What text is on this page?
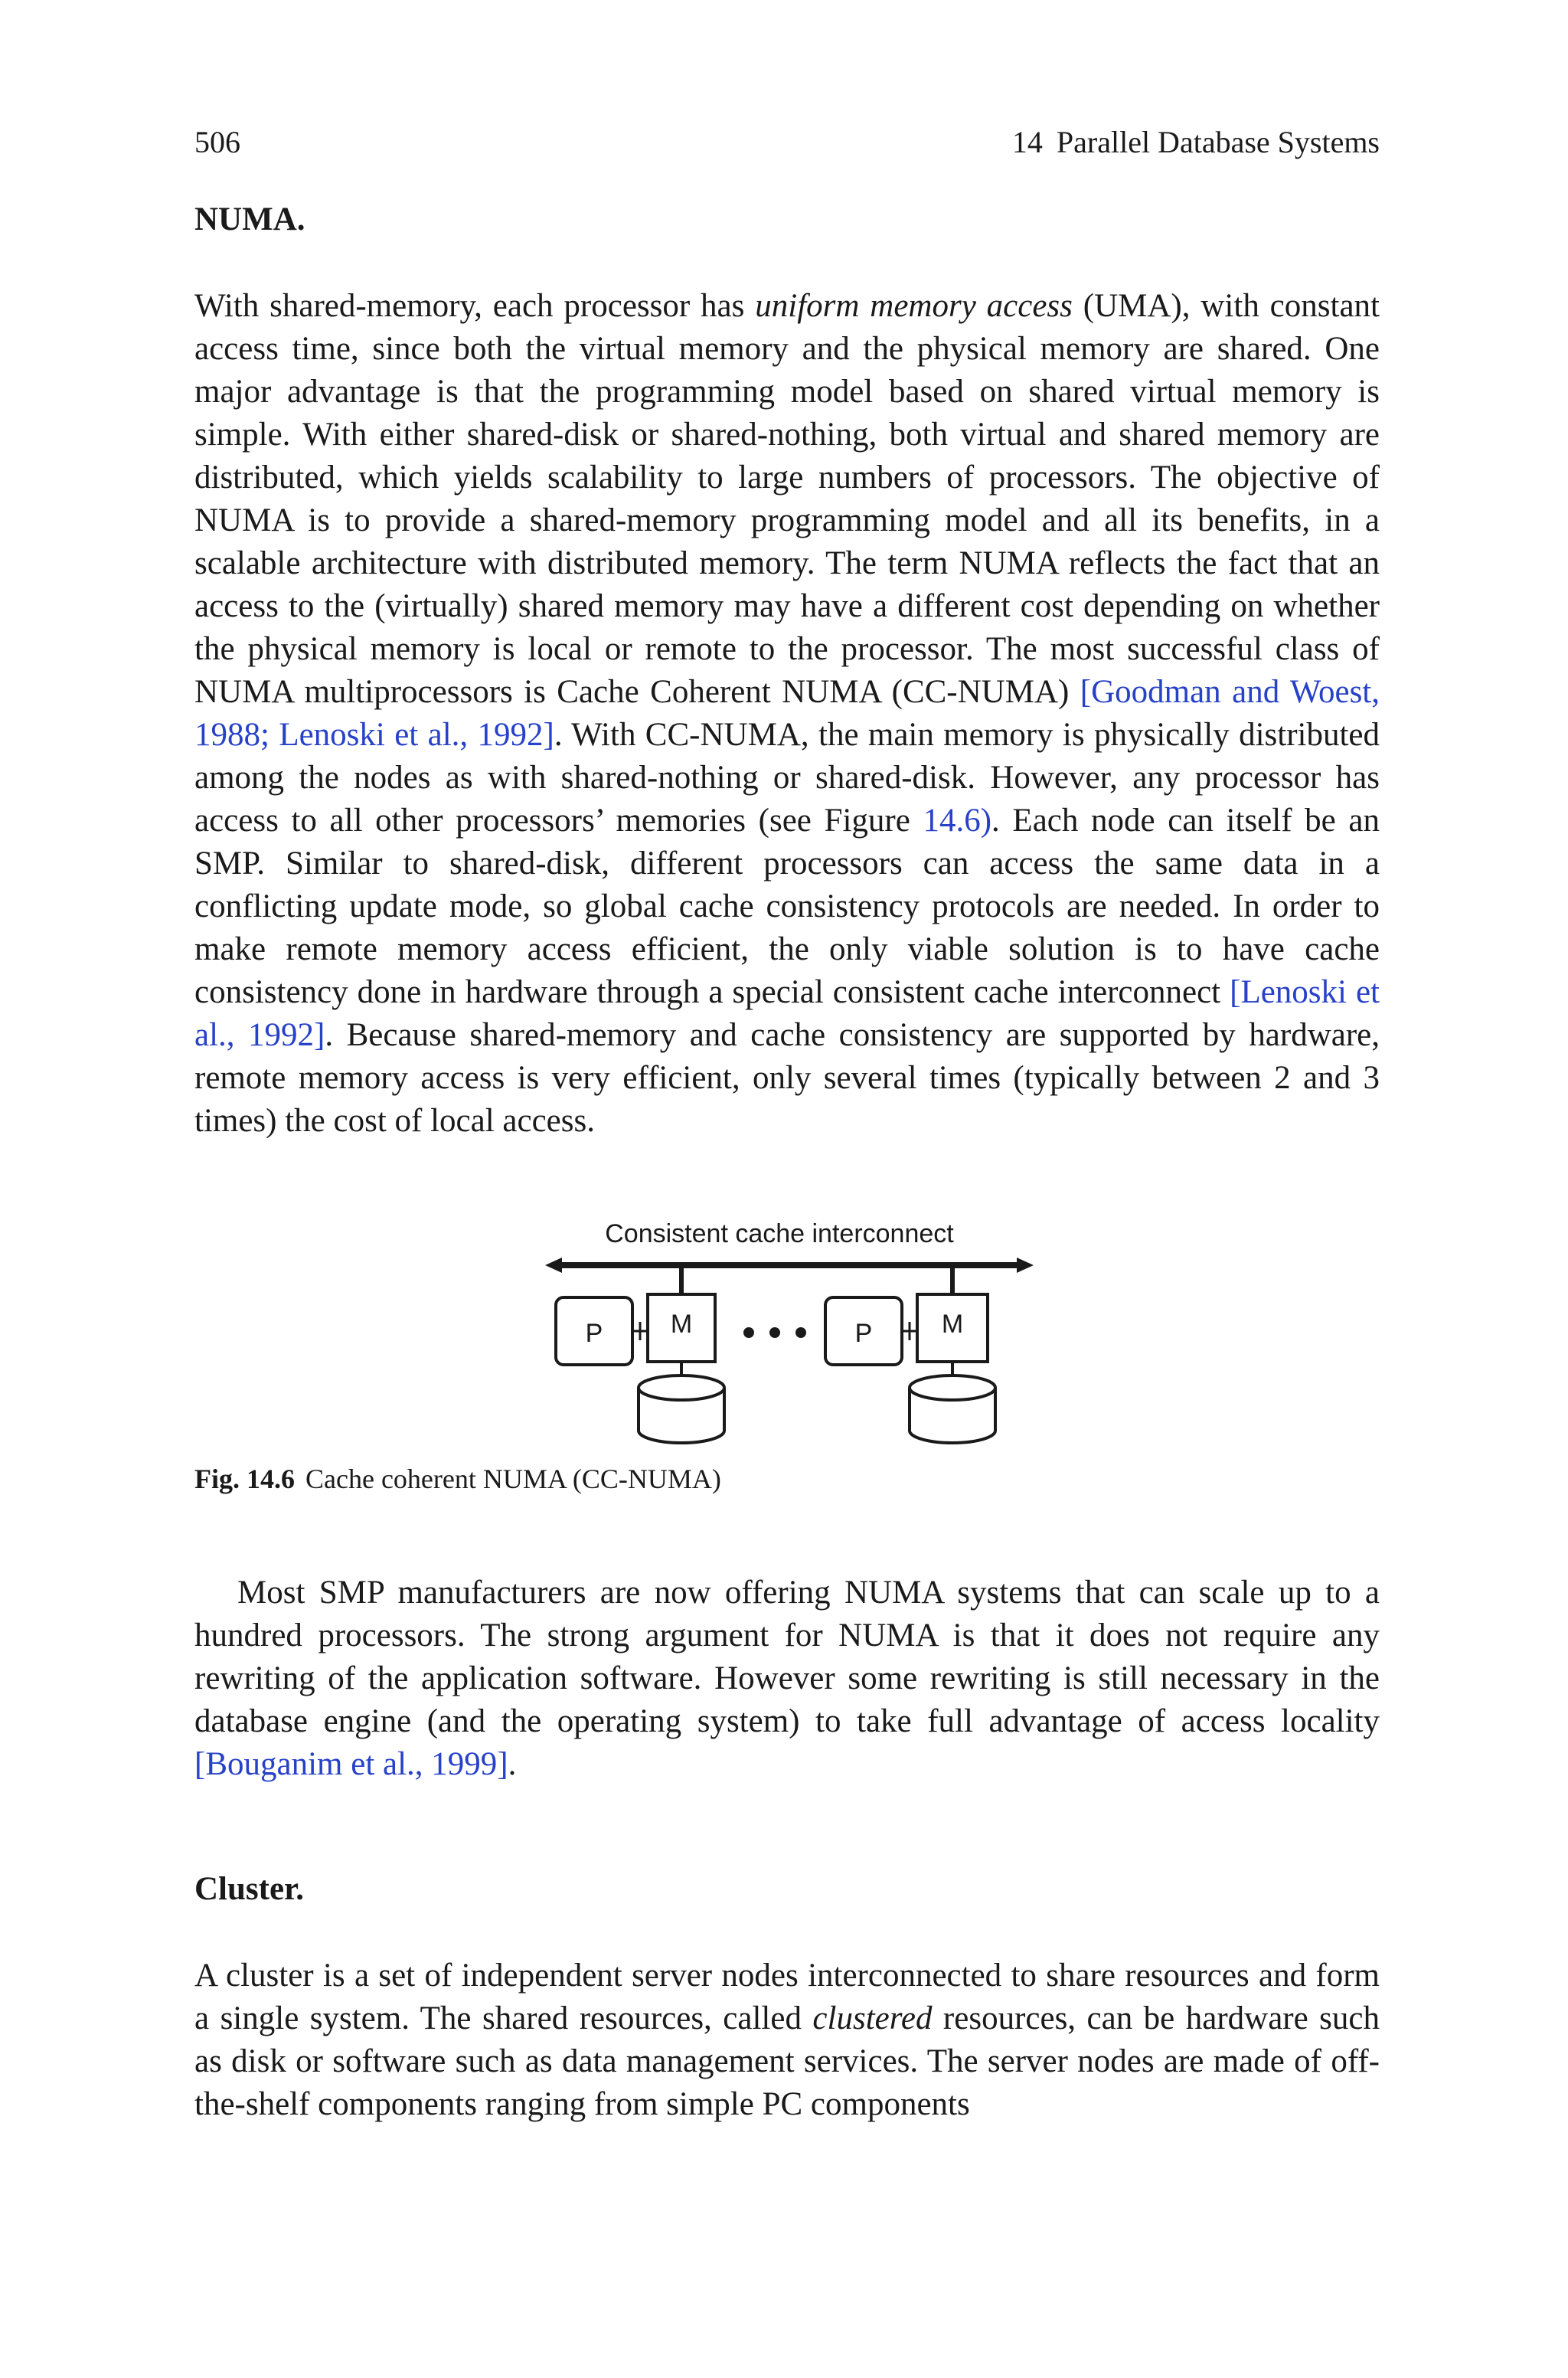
506	14 Parallel Database Systems
NUMA.

With shared-memory, each processor has uniform memory access (UMA), with constant access time, since both the virtual memory and the physical memory are shared. One major advantage is that the programming model based on shared virtual memory is simple. With either shared-disk or shared-nothing, both virtual and shared memory are distributed, which yields scalability to large numbers of processors. The objective of NUMA is to provide a shared-memory programming model and all its benefits, in a scalable architecture with distributed memory. The term NUMA reflects the fact that an access to the (virtually) shared memory may have a different cost depending on whether the physical memory is local or remote to the processor. The most successful class of NUMA multiprocessors is Cache Coherent NUMA (CC-NUMA) [Goodman and Woest, 1988; Lenoski et al., 1992]. With CC-NUMA, the main memory is physically distributed among the nodes as with shared-nothing or shared-disk. However, any processor has access to all other processors’ memories (see Figure 14.6). Each node can itself be an SMP. Similar to shared-disk, different processors can access the same data in a conflicting update mode, so global cache consistency protocols are needed. In order to make remote memory access efficient, the only viable solution is to have cache consistency done in hardware through a special consistent cache interconnect [Lenoski et al., 1992]. Because shared-memory and cache consistency are supported by hardware, remote memory access is very efficient, only several times (typically between 2 and 3 times) the cost of local access.

Consistent cache interconnect
P	M	P	M
Fig. 14.6 Cache coherent NUMA (CC-NUMA)

Most SMP manufacturers are now offering NUMA systems that can scale up to a hundred processors. The strong argument for NUMA is that it does not require any rewriting of the application software. However some rewriting is still necessary in the database engine (and the operating system) to take full advantage of access locality [Bouganim et al., 1999].

Cluster.

A cluster is a set of independent server nodes interconnected to share resources and form a single system. The shared resources, called clustered resources, can be hardware such as disk or software such as data management services. The server nodes are made of off-the-shelf components ranging from simple PC components
